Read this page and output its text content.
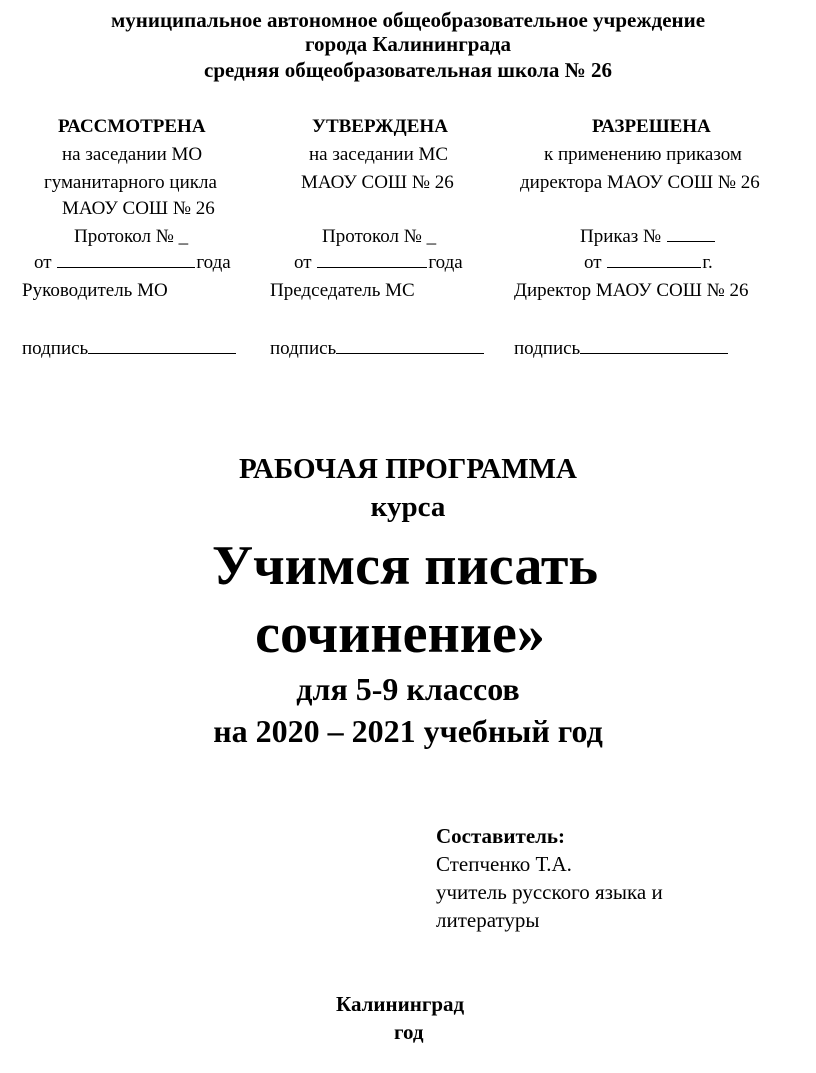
муниципальное автономное общеобразовательное учреждение
города Калининграда
средняя общеобразовательная школа № 26
РАССМОТРЕНА
на заседании МО
гуманитарного цикла
МАОУ СОШ № 26
Протокол № _
от	года
Руководитель МО
подпись
УТВЕРЖДЕНА
на заседании МС
МАОУ СОШ № 26
Протокол № _
от	года
Председатель МС
подпись
РАЗРЕШЕНА
к применению приказом
директора МАОУ СОШ № 26
Приказ №
от	г.
Директор МАОУ СОШ № 26
подпись
РАБОЧАЯ ПРОГРАММА
курса
Учимся писать
сочинение»
для 5-9 классов
на 2020 – 2021 учебный год
Составитель:
Степченко Т.А.
учитель русского языка и
литературы
Калининград
год
